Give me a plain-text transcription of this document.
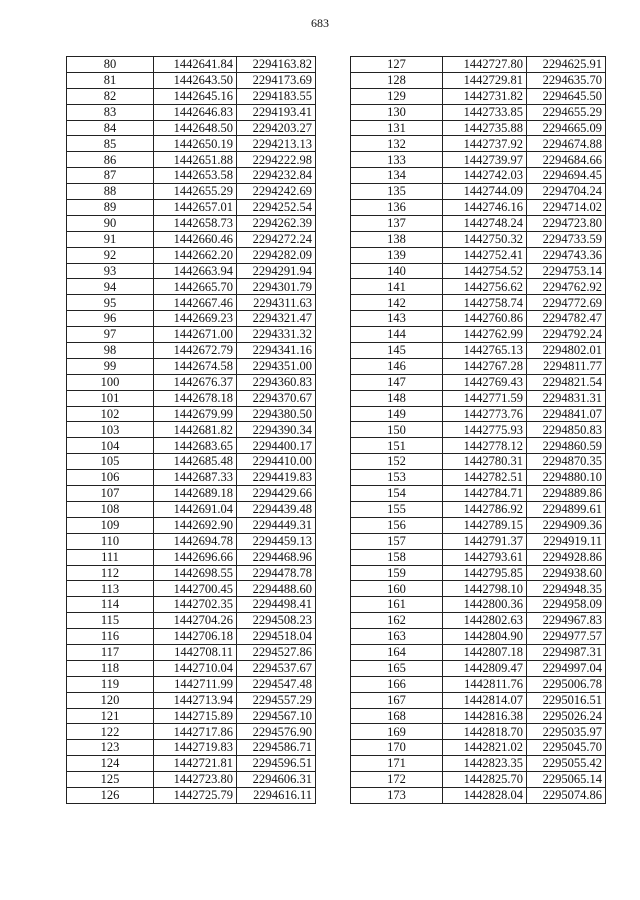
683
80	1442641.84	2294163.82
81	1442643.50	2294173.69
82	1442645.16	2294183.55
83	1442646.83	2294193.41
84	1442648.50	2294203.27
85	1442650.19	2294213.13
86	1442651.88	2294222.98
87	1442653.58	2294232.84
88	1442655.29	2294242.69
89	1442657.01	2294252.54
90	1442658.73	2294262.39
91	1442660.46	2294272.24
92	1442662.20	2294282.09
93	1442663.94	2294291.94
94	1442665.70	2294301.79
95	1442667.46	2294311.63
96	1442669.23	2294321.47
97	1442671.00	2294331.32
98	1442672.79	2294341.16
99	1442674.58	2294351.00
100	1442676.37	2294360.83
101	1442678.18	2294370.67
102	1442679.99	2294380.50
103	1442681.82	2294390.34
104	1442683.65	2294400.17
105	1442685.48	2294410.00
106	1442687.33	2294419.83
107	1442689.18	2294429.66
108	1442691.04	2294439.48
109	1442692.90	2294449.31
110	1442694.78	2294459.13
111	1442696.66	2294468.96
112	1442698.55	2294478.78
113	1442700.45	2294488.60
114	1442702.35	2294498.41
115	1442704.26	2294508.23
116	1442706.18	2294518.04
117	1442708.11	2294527.86
118	1442710.04	2294537.67
119	1442711.99	2294547.48
120	1442713.94	2294557.29
121	1442715.89	2294567.10
122	1442717.86	2294576.90
123	1442719.83	2294586.71
124	1442721.81	2294596.51
125	1442723.80	2294606.31
126	1442725.79	2294616.11
127	1442727.80	2294625.91
128	1442729.81	2294635.70
129	1442731.82	2294645.50
130	1442733.85	2294655.29
131	1442735.88	2294665.09
132	1442737.92	2294674.88
133	1442739.97	2294684.66
134	1442742.03	2294694.45
135	1442744.09	2294704.24
136	1442746.16	2294714.02
137	1442748.24	2294723.80
138	1442750.32	2294733.59
139	1442752.41	2294743.36
140	1442754.52	2294753.14
141	1442756.62	2294762.92
142	1442758.74	2294772.69
143	1442760.86	2294782.47
144	1442762.99	2294792.24
145	1442765.13	2294802.01
146	1442767.28	2294811.77
147	1442769.43	2294821.54
148	1442771.59	2294831.31
149	1442773.76	2294841.07
150	1442775.93	2294850.83
151	1442778.12	2294860.59
152	1442780.31	2294870.35
153	1442782.51	2294880.10
154	1442784.71	2294889.86
155	1442786.92	2294899.61
156	1442789.15	2294909.36
157	1442791.37	2294919.11
158	1442793.61	2294928.86
159	1442795.85	2294938.60
160	1442798.10	2294948.35
161	1442800.36	2294958.09
162	1442802.63	2294967.83
163	1442804.90	2294977.57
164	1442807.18	2294987.31
165	1442809.47	2294997.04
166	1442811.76	2295006.78
167	1442814.07	2295016.51
168	1442816.38	2295026.24
169	1442818.70	2295035.97
170	1442821.02	2295045.70
171	1442823.35	2295055.42
172	1442825.70	2295065.14
173	1442828.04	2295074.86
